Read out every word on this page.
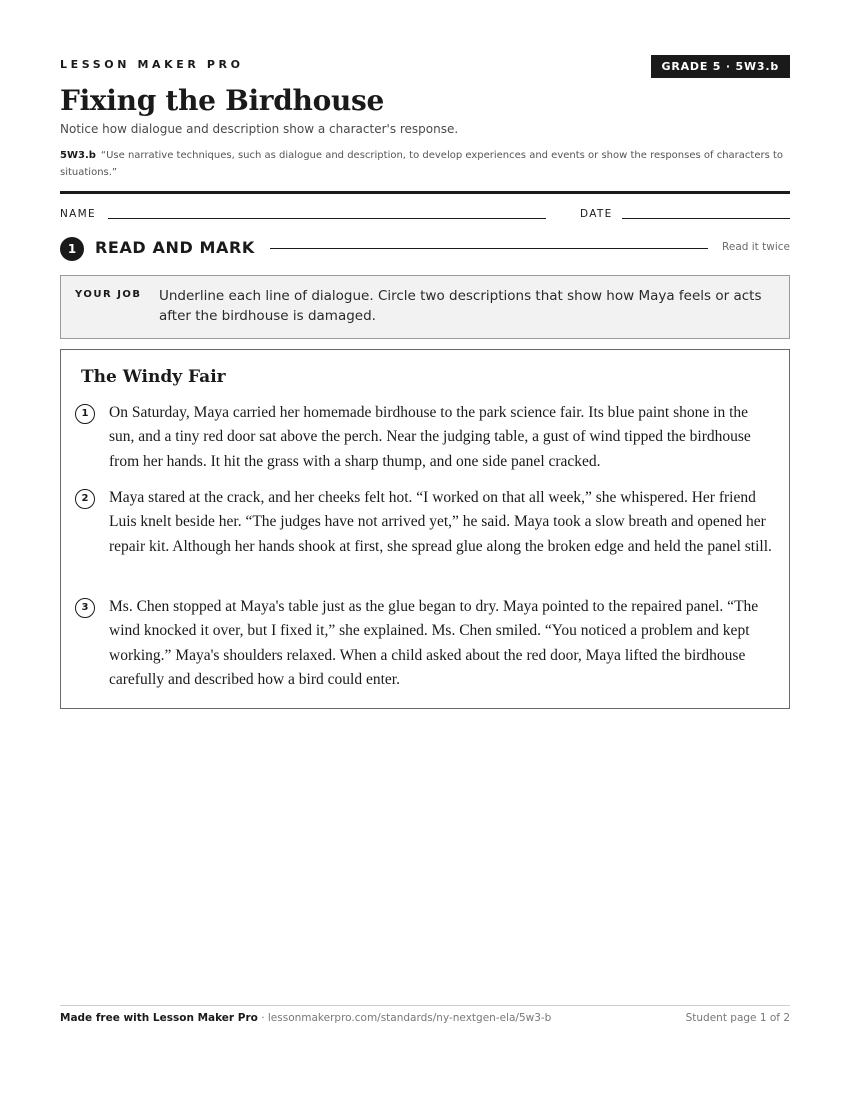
LESSON MAKER PRO	GRADE 5 · 5W3.b
Fixing the Birdhouse
Notice how dialogue and description show a character's response.
5W3.b “Use narrative techniques, such as dialogue and description, to develop experiences and events or show the responses of characters to situations.”
NAME	DATE
1	READ AND MARK	Read it twice
YOUR JOB Underline each line of dialogue. Circle two descriptions that show how Maya feels or acts after the birdhouse is damaged.
The Windy Fair
1	On Saturday, Maya carried her homemade birdhouse to the park science fair. Its blue paint shone in the sun, and a tiny red door sat above the perch. Near the judging table, a gust of wind tipped the birdhouse from her hands. It hit the grass with a sharp thump, and one side panel cracked.
2	Maya stared at the crack, and her cheeks felt hot. “I worked on that all week,” she whispered. Her friend Luis knelt beside her. “The judges have not arrived yet,” he said. Maya took a slow breath and opened her repair kit. Although her hands shook at first, she spread glue along the broken edge and held the panel still.
3	Ms. Chen stopped at Maya's table just as the glue began to dry. Maya pointed to the repaired panel. “The wind knocked it over, but I fixed it,” she explained. Ms. Chen smiled. “You noticed a problem and kept working.” Maya's shoulders relaxed. When a child asked about the red door, Maya lifted the birdhouse carefully and described how a bird could enter.
Made free with Lesson Maker Pro · lessonmakerpro.com/standards/ny-nextgen-ela/5w3-b	Student page 1 of 2
